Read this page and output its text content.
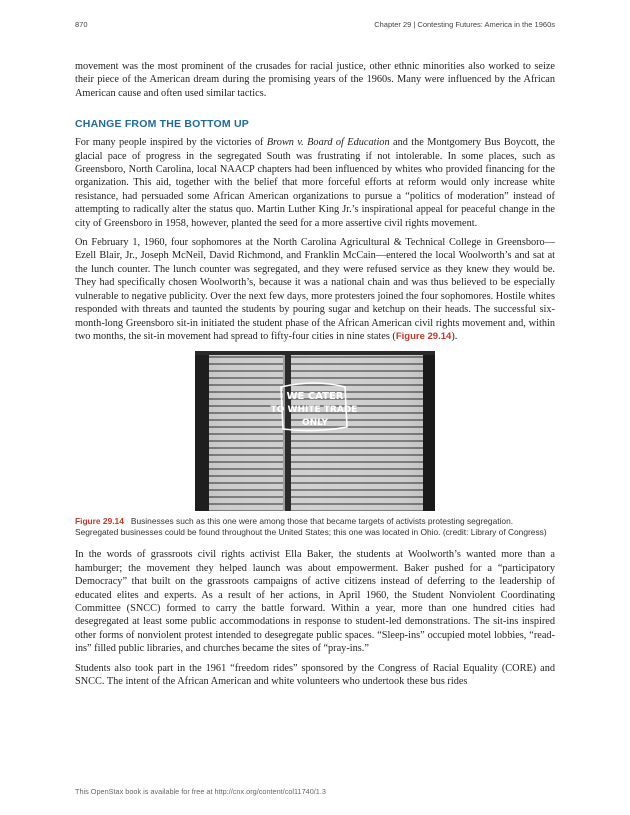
870	Chapter 29 | Contesting Futures: America in the 1960s

movement was the most prominent of the crusades for racial justice, other ethnic minorities also worked to seize their piece of the American dream during the promising years of the 1960s. Many were influenced by the African American cause and often used similar tactics.

CHANGE FROM THE BOTTOM UP

For many people inspired by the victories of Brown v. Board of Education and the Montgomery Bus Boycott, the glacial pace of progress in the segregated South was frustrating if not intolerable. In some places, such as Greensboro, North Carolina, local NAACP chapters had been influenced by whites who provided financing for the organization. This aid, together with the belief that more forceful efforts at reform would only increase white resistance, had persuaded some African American organizations to pursue a “politics of moderation” instead of attempting to radically alter the status quo. Martin Luther King Jr.’s inspirational appeal for peaceful change in the city of Greensboro in 1958, however, planted the seed for a more assertive civil rights movement.

On February 1, 1960, four sophomores at the North Carolina Agricultural & Technical College in Greensboro—Ezell Blair, Jr., Joseph McNeil, David Richmond, and Franklin McCain—entered the local Woolworth’s and sat at the lunch counter. The lunch counter was segregated, and they were refused service as they knew they would be. They had specifically chosen Woolworth’s, because it was a national chain and was thus believed to be especially vulnerable to negative publicity. Over the next few days, more protesters joined the four sophomores. Hostile whites responded with threats and taunted the students by pouring sugar and ketchup on their heads. The successful six-month-long Greensboro sit-in initiated the student phase of the African American civil rights movement and, within two months, the sit-in movement had spread to fifty-four cities in nine states (Figure 29.14).

WE CATER
TO WHITE TRADE
ONLY
Figure 29.14 Businesses such as this one were among those that became targets of activists protesting segregation. Segregated businesses could be found throughout the United States; this one was located in Ohio. (credit: Library of Congress)

In the words of grassroots civil rights activist Ella Baker, the students at Woolworth’s wanted more than a hamburger; the movement they helped launch was about empowerment. Baker pushed for a “participatory Democracy” that built on the grassroots campaigns of active citizens instead of deferring to the leadership of educated elites and experts. As a result of her actions, in April 1960, the Student Nonviolent Coordinating Committee (SNCC) formed to carry the battle forward. Within a year, more than one hundred cities had desegregated at least some public accommodations in response to student-led demonstrations. The sit-ins inspired other forms of nonviolent protest intended to desegregate public spaces. “Sleep-ins” occupied motel lobbies, “read-ins” filled public libraries, and churches became the sites of “pray-ins.”

Students also took part in the 1961 “freedom rides” sponsored by the Congress of Racial Equality (CORE) and SNCC. The intent of the African American and white volunteers who undertook these bus rides

This OpenStax book is available for free at http://cnx.org/content/col11740/1.3
